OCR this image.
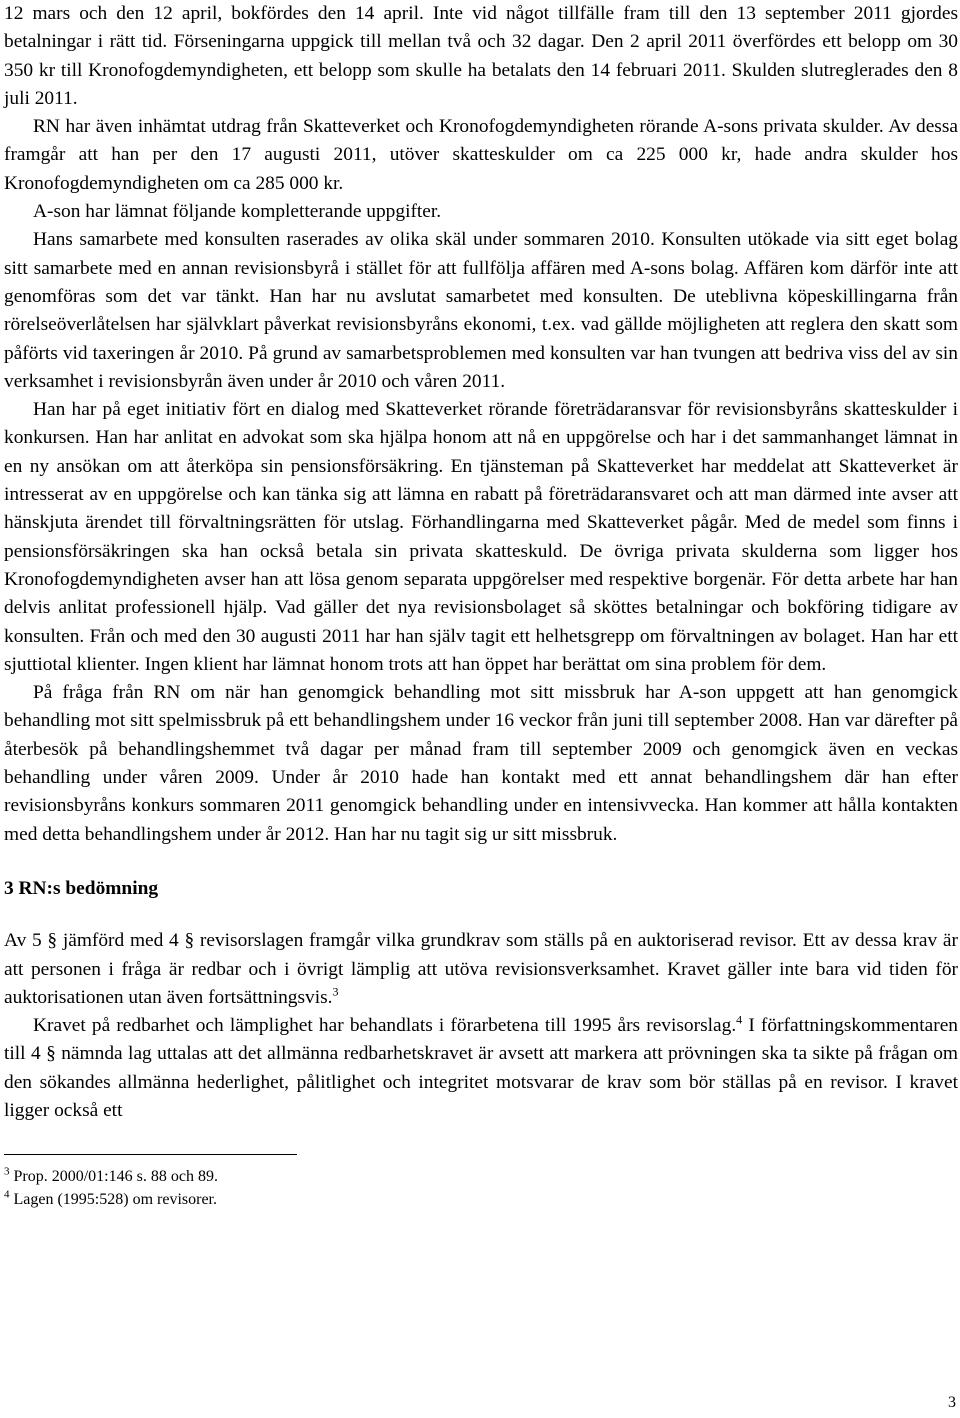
12 mars och den 12 april, bokfördes den 14 april. Inte vid något tillfälle fram till den 13 september 2011 gjordes betalningar i rätt tid. Förseningarna uppgick till mellan två och 32 dagar. Den 2 april 2011 överfördes ett belopp om 30 350 kr till Kronofogdemyndigheten, ett belopp som skulle ha betalats den 14 februari 2011. Skulden slutreglerades den 8 juli 2011.

RN har även inhämtat utdrag från Skatteverket och Kronofogdemyndigheten rörande A-sons privata skulder. Av dessa framgår att han per den 17 augusti 2011, utöver skatteskulder om ca 225 000 kr, hade andra skulder hos Kronofogdemyndigheten om ca 285 000 kr.

A-son har lämnat följande kompletterande uppgifter.

Hans samarbete med konsulten raserades av olika skäl under sommaren 2010. Konsulten utökade via sitt eget bolag sitt samarbete med en annan revisionsbyrå i stället för att fullfölja affären med A-sons bolag. Affären kom därför inte att genomföras som det var tänkt. Han har nu avslutat samarbetet med konsulten. De uteblivna köpeskillingarna från rörelseöverlåtelsen har självklart påverkat revisionsbyråns ekonomi, t.ex. vad gällde möjligheten att reglera den skatt som påförts vid taxeringen år 2010. På grund av samarbetsproblemen med konsulten var han tvungen att bedriva viss del av sin verksamhet i revisionsbyrån även under år 2010 och våren 2011.

Han har på eget initiativ fört en dialog med Skatteverket rörande företrädaransvar för revisionsbyråns skatteskulder i konkursen. Han har anlitat en advokat som ska hjälpa honom att nå en uppgörelse och har i det sammanhanget lämnat in en ny ansökan om att återköpa sin pensionsförsäkring. En tjänsteman på Skatteverket har meddelat att Skatteverket är intresserat av en uppgörelse och kan tänka sig att lämna en rabatt på företrädaransvaret och att man därmed inte avser att hänskjuta ärendet till förvaltningsrätten för utslag. Förhandlingarna med Skatteverket pågår. Med de medel som finns i pensionsförsäkringen ska han också betala sin privata skatteskuld. De övriga privata skulderna som ligger hos Kronofogdemyndigheten avser han att lösa genom separata uppgörelser med respektive borgenär. För detta arbete har han delvis anlitat professionell hjälp. Vad gäller det nya revisionsbolaget så sköttes betalningar och bokföring tidigare av konsulten. Från och med den 30 augusti 2011 har han själv tagit ett helhetsgrepp om förvaltningen av bolaget. Han har ett sjuttiotal klienter. Ingen klient har lämnat honom trots att han öppet har berättat om sina problem för dem.

På fråga från RN om när han genomgick behandling mot sitt missbruk har A-son uppgett att han genomgick behandling mot sitt spelmissbruk på ett behandlingshem under 16 veckor från juni till september 2008. Han var därefter på återbesök på behandlingshemmet två dagar per månad fram till september 2009 och genomgick även en veckas behandling under våren 2009. Under år 2010 hade han kontakt med ett annat behandlingshem där han efter revisionsbyråns konkurs sommaren 2011 genomgick behandling under en intensivvecka. Han kommer att hålla kontakten med detta behandlingshem under år 2012. Han har nu tagit sig ur sitt missbruk.

3 RN:s bedömning

Av 5 § jämförd med 4 § revisorslagen framgår vilka grundkrav som ställs på en auktoriserad revisor. Ett av dessa krav är att personen i fråga är redbar och i övrigt lämplig att utöva revisionsverksamhet. Kravet gäller inte bara vid tiden för auktorisationen utan även fortsättningsvis.$^3$

Kravet på redbarhet och lämplighet har behandlats i förarbetena till 1995 års revisorslag.$^4$ I författningskommentaren till 4 § nämnda lag uttalas att det allmänna redbarhetskravet är avsett att markera att prövningen ska ta sikte på frågan om den sökandes allmänna hederlighet, pålitlighet och integritet motsvarar de krav som bör ställas på en revisor. I kravet ligger också ett

$^3$ Prop. 2000/01:146 s. 88 och 89.

$^4$ Lagen (1995:528) om revisorer.

3
